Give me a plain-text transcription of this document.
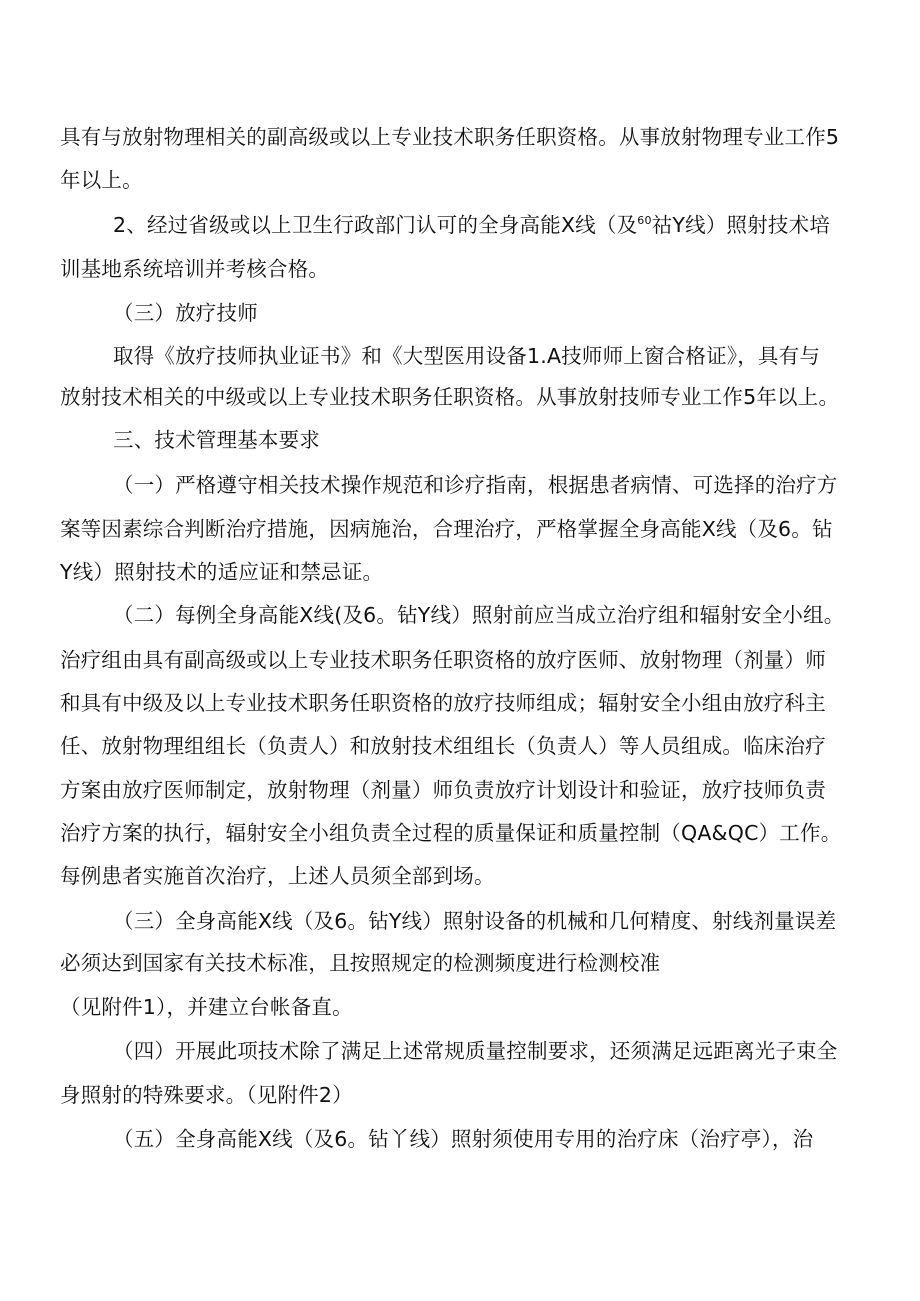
具有与放射物理相关的副高级或以上专业技术职务任职资格。从事放射物理专业工作5

年以上。

2、经过省级或以上卫生行政部门认可的全身高能X线（及$^{60}$祜Y线）照射技术培

训基地系统培训并考核合格。

（三）放疗技师

取得《放疗技师执业证书》和《大型医用设备1.A技师师上窗合格证》，具有与

放射技术相关的中级或以上专业技术职务任职资格。从事放射技师专业工作5年以上。

三、技术管理基本要求

（一）严格遵守相关技术操作规范和诊疗指南，根据患者病情、可选择的治疗方

案等因素综合判断治疗措施，因病施治，合理治疗，严格掌握全身高能X线（及6。钻

Y线）照射技术的适应证和禁忌证。

（二）每例全身高能X线(及6。钻Y线）照射前应当成立治疗组和辐射安全小组。

治疗组由具有副高级或以上专业技术职务任职资格的放疗医师、放射物理（剂量）师

和具有中级及以上专业技术职务任职资格的放疗技师组成；辐射安全小组由放疗科主

任、放射物理组组长（负责人）和放射技术组组长（负责人）等人员组成。临床治疗

方案由放疗医师制定，放射物理（剂量）师负责放疗计划设计和验证，放疗技师负责

治疗方案的执行，辐射安全小组负责全过程的质量保证和质量控制（QA&QC）工作。

每例患者实施首次治疗，上述人员须全部到场。

（三）全身高能X线（及6。钻Y线）照射设备的机械和几何精度、射线剂量误差

必须达到国家有关技术标准，且按照规定的检测频度进行检测校准

（见附件1），并建立台帐备直。

（四）开展此项技术除了满足上述常规质量控制要求，还须满足远距离光子束全

身照射的特殊要求。（见附件2）

（五）全身高能X线（及6。钻丫线）照射须使用专用的治疗床（治疗亭），治
